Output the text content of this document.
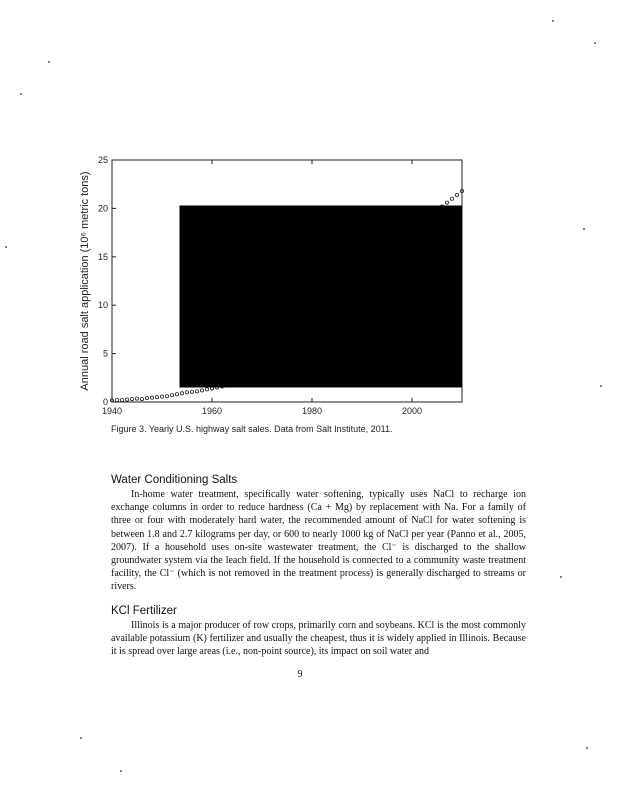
0
5
10
15
20
25
1940	1960	1980	2000
Annual road salt application (10⁶ metric tons)
Figure 3. Yearly U.S. highway salt sales. Data from Salt Institute, 2011.
Water Conditioning Salts
In-home water treatment, specifically water softening, typically uses NaCl to recharge ion exchange columns in order to reduce hardness (Ca + Mg) by replacement with Na. For a family of three or four with moderately hard water, the recommended amount of NaCl for water softening is between 1.8 and 2.7 kilograms per day, or 600 to nearly 1000 kg of NaCl per year (Panno et al., 2005, 2007). If a household uses on-site wastewater treatment, the Cl⁻ is discharged to the shallow groundwater system via the leach field. If the household is connected to a community waste treatment facility, the Cl⁻ (which is not removed in the treatment process) is generally discharged to streams or rivers.
KCl Fertilizer
Illinois is a major producer of row crops, primarily corn and soybeans. KCl is the most commonly available potassium (K) fertilizer and usually the cheapest, thus it is widely applied in Illinois. Because it is spread over large areas (i.e., non-point source), its impact on soil water and
9
